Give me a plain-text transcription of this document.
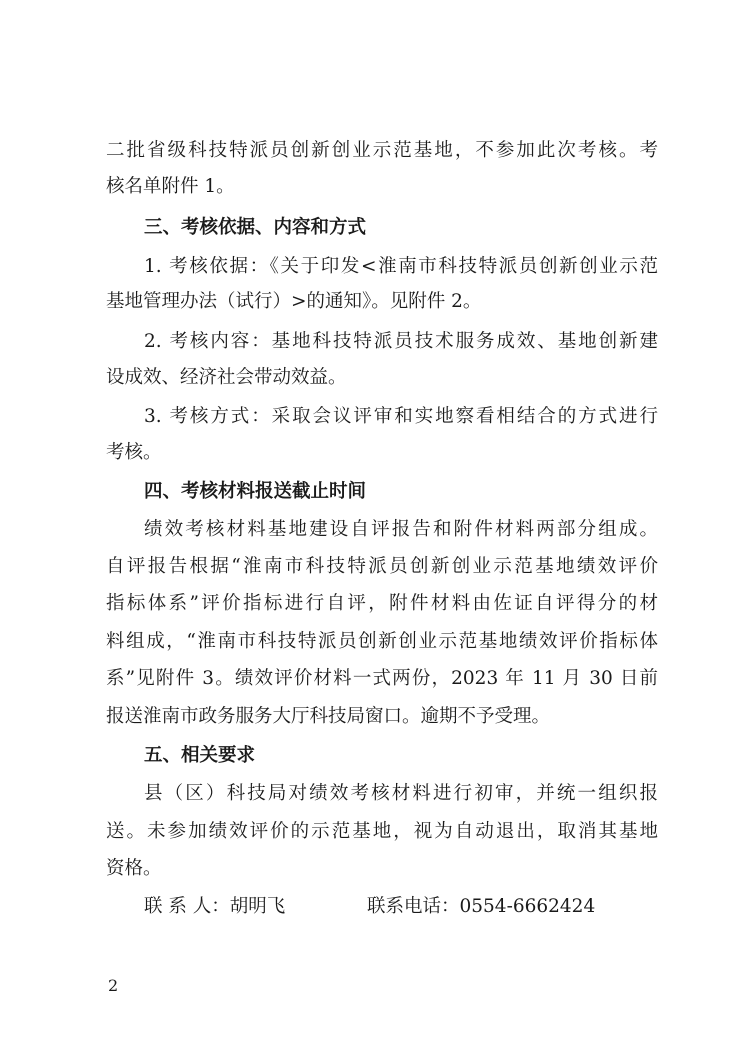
二批省级科技特派员创新创业示范基地，不参加此次考核。考
核名单附件 1。
三、考核依据、内容和方式
1. 考核依据：《关于印发<淮南市科技特派员创新创业示范
基地管理办法（试行）>的通知》。见附件 2。
2. 考核内容：基地科技特派员技术服务成效、基地创新建
设成效、经济社会带动效益。
3. 考核方式：采取会议评审和实地察看相结合的方式进行
考核。
四、考核材料报送截止时间
绩效考核材料基地建设自评报告和附件材料两部分组成。
自评报告根据“淮南市科技特派员创新创业示范基地绩效评价
指标体系”评价指标进行自评，附件材料由佐证自评得分的材
料组成，“淮南市科技特派员创新创业示范基地绩效评价指标体
系”见附件 3。绩效评价材料一式两份，2023 年 11 月 30 日前
报送淮南市政务服务大厅科技局窗口。逾期不予受理。
五、相关要求
县（区）科技局对绩效考核材料进行初审，并统一组织报
送。未参加绩效评价的示范基地，视为自动退出，取消其基地
资格。
联 系 人：胡明飞	联系电话：0554-6662424
2
